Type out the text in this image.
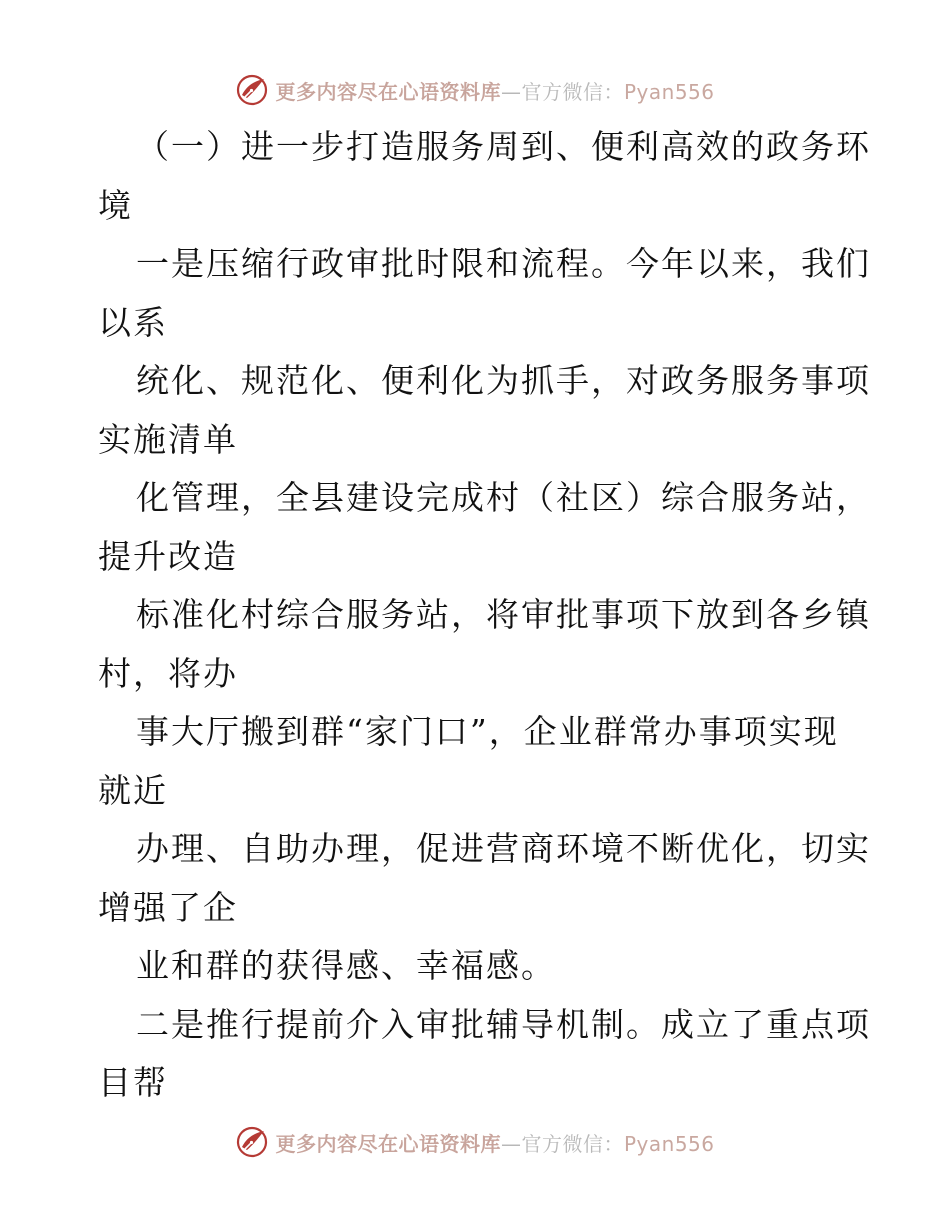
更多内容尽在心语资料库—官方微信：Pyan556
（一）进一步打造服务周到、便利高效的政务环
境
一是压缩行政审批时限和流程。今年以来，我们
以系
统化、规范化、便利化为抓手，对政务服务事项
实施清单
化管理，全县建设完成村（社区）综合服务站，
提升改造
标准化村综合服务站，将审批事项下放到各乡镇
村，将办
事大厅搬到群“家门口”，企业群常办事项实现
就近
办理、自助办理，促进营商环境不断优化，切实
增强了企
业和群的获得感、幸福感。
二是推行提前介入审批辅导机制。成立了重点项
目帮
更多内容尽在心语资料库—官方微信：Pyan556
